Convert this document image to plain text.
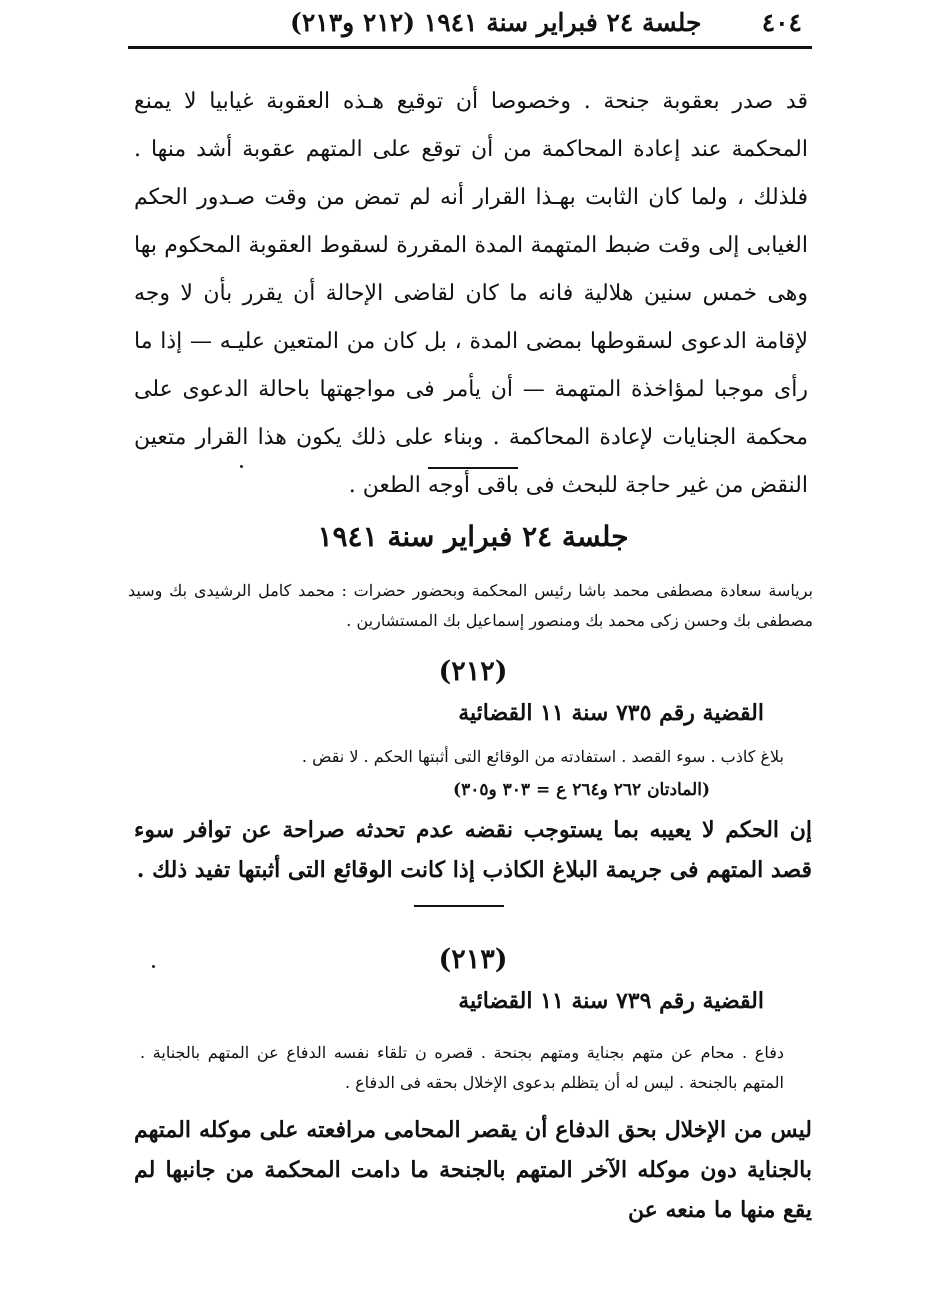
٤٠٤
جلسة ٢٤ فبراير سنة ١٩٤١ (٢١٢ و٢١٣)
قد صدر بعقوبة جنحة . وخصوصا أن توقيع هـذه العقوبة غيابيا لا يمنع المحكمة عند إعادة المحاكمة من أن توقع على المتهم عقوبة أشد منها . فلذلك ، ولما كان الثابت بهـذا القرار أنه لم تمض من وقت صـدور الحكم الغيابى إلى وقت ضبط المتهمة المدة المقررة لسقوط العقوبة المحكوم بها وهى خمس سنين هلالية فانه ما كان لقاضى الإحالة أن يقرر بأن لا وجه لإقامة الدعوى لسقوطها بمضى المدة ، بل كان من المتعين عليـه — إذا ما رأى موجبا لمؤاخذة المتهمة — أن يأمر فى مواجهتها باحالة الدعوى على محكمة الجنايات لإعادة المحاكمة . وبناء على ذلك يكون هذا القرار متعين النقض من غير حاجة للبحث فى باقى أوجه الطعن .
جلسة ٢٤ فبراير سنة ١٩٤١
برياسة سعادة مصطفى محمد باشا رئيس المحكمة وبحضور حضرات : محمد كامل الرشيدى بك وسيد مصطفى بك وحسن زكى محمد بك ومنصور إسماعيل بك المستشارين .
(٢١٢)
القضية رقم ٧٣٥ سنة ١١ القضائية
بلاغ كاذب . سوء القصد . استفادته من الوقائع التى أثبتها الحكم . لا نقض .
(المادتان ٢٦٢ و٢٦٤ ع = ٣٠٣ و٣٠٥)
إن الحكم لا يعيبه بما يستوجب نقضه عدم تحدثه صراحة عن توافر سوء قصد المتهم فى جريمة البلاغ الكاذب إذا كانت الوقائع التى أثبتها تفيد ذلك .
(٢١٣)
القضية رقم ٧٣٩ سنة ١١ القضائية
دفاع . محام عن متهم بجناية ومتهم بجنحة . قصره ن تلقاء نفسه الدفاع عن المتهم بالجناية . المتهم بالجنحة . ليس له أن يتظلم بدعوى الإخلال بحقه فى الدفاع .
ليس من الإخلال بحق الدفاع أن يقصر المحامى مرافعته على موكله المتهم بالجناية دون موكله الآخر المتهم بالجنحة ما دامت المحكمة من جانبها لم يقع منها ما منعه عن
